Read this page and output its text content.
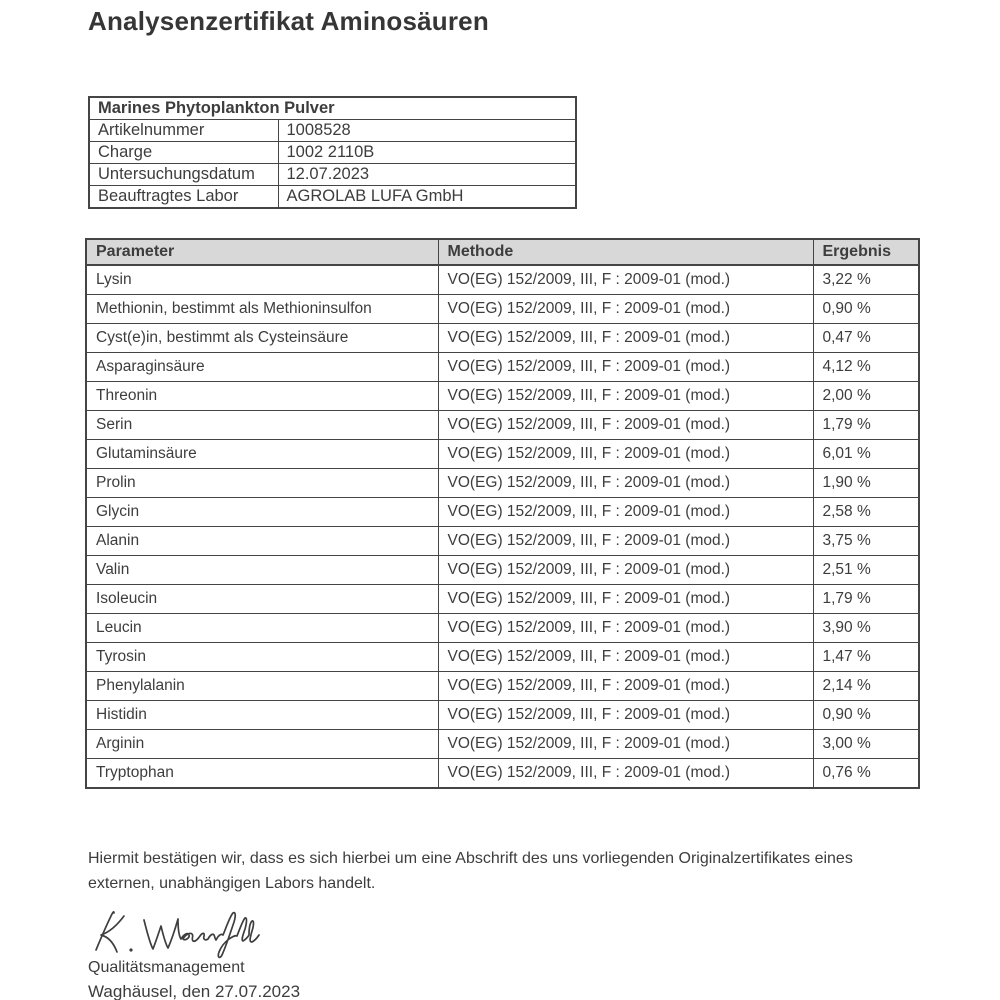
Analysenzertifikat Aminosäuren
Marines Phytoplankton Pulver	
Artikelnummer	1008528
Charge	1002 2110B
Untersuchungsdatum	12.07.2023
Beauftragtes Labor	AGROLAB LUFA GmbH
Parameter	Methode	Ergebnis
Lysin	VO(EG) 152/2009, III, F : 2009-01 (mod.)	3,22 %
Methionin, bestimmt als Methioninsulfon	VO(EG) 152/2009, III, F : 2009-01 (mod.)	0,90 %
Cyst(e)in, bestimmt als Cysteinsäure	VO(EG) 152/2009, III, F : 2009-01 (mod.)	0,47 %
Asparaginsäure	VO(EG) 152/2009, III, F : 2009-01 (mod.)	4,12 %
Threonin	VO(EG) 152/2009, III, F : 2009-01 (mod.)	2,00 %
Serin	VO(EG) 152/2009, III, F : 2009-01 (mod.)	1,79 %
Glutaminsäure	VO(EG) 152/2009, III, F : 2009-01 (mod.)	6,01 %
Prolin	VO(EG) 152/2009, III, F : 2009-01 (mod.)	1,90 %
Glycin	VO(EG) 152/2009, III, F : 2009-01 (mod.)	2,58 %
Alanin	VO(EG) 152/2009, III, F : 2009-01 (mod.)	3,75 %
Valin	VO(EG) 152/2009, III, F : 2009-01 (mod.)	2,51 %
Isoleucin	VO(EG) 152/2009, III, F : 2009-01 (mod.)	1,79 %
Leucin	VO(EG) 152/2009, III, F : 2009-01 (mod.)	3,90 %
Tyrosin	VO(EG) 152/2009, III, F : 2009-01 (mod.)	1,47 %
Phenylalanin	VO(EG) 152/2009, III, F : 2009-01 (mod.)	2,14 %
Histidin	VO(EG) 152/2009, III, F : 2009-01 (mod.)	0,90 %
Arginin	VO(EG) 152/2009, III, F : 2009-01 (mod.)	3,00 %
Tryptophan	VO(EG) 152/2009, III, F : 2009-01 (mod.)	0,76 %

Hiermit bestätigen wir, dass es sich hierbei um eine Abschrift des uns vorliegenden Originalzertifikates eines externen, unabhängigen Labors handelt.

Qualitätsmanagement
Waghäusel, den 27.07.2023
